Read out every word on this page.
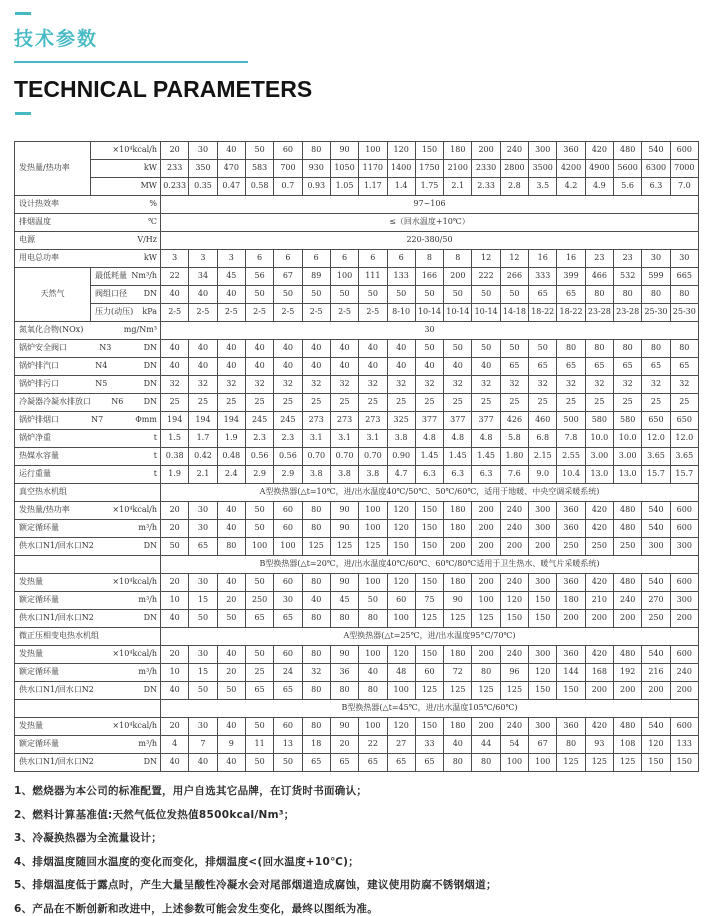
技术参数
TECHNICAL PARAMETERS
发热量/热功率	×10⁴kcal/h	20	30	40	50	60	80	90	100	120	150	180	200	240	300	360	420	480	540	600

	kW	233	350	470	583	700	930	1050	1170	1400	1750	2100	2330	2800	3500	4200	4900	5600	6300	7000

	MW	0.233	0.35	0.47	0.58	0.7	0.93	1.05	1.17	1.4	1.75	2.1	2.33	2.8	3.5	4.2	4.9	5.6	6.3	7.0

设计热效率 %		97~106																		

排烟温度 ℃		≤（回水温度+10℃）																		

电源 V/Hz		220-380/50																		

用电总功率 kW		3	3	3	6	6	6	6	6	6	8	8	12	12	16	16	23	23	30	30
天然气	最低耗量 Nm³/h	22	34	45	56	67	89	100	111	133	166	200	222	266	333	399	466	532	599	665

	阀组口径 DN	40	40	40	50	50	50	50	50	50	50	50	50	50	65	65	80	80	80	80

	压力(动压) kPa	2-5	2-5	2-5	2-5	2-5	2-5	2-5	2-5	8-10	10-14	10-14	10-14	14-18	18-22	18-22	23-28	23-28	25-30	25-30

氮氧化合物(NOx) mg/Nm³		30																		

锅炉安全阀口 N3 DN		40	40	40	40	40	40	40	40	40	50	50	50	50	50	80	80	80	80	80

锅炉排汽口 N4 DN		40	40	40	40	40	40	40	40	40	40	40	40	65	65	65	65	65	65	65

锅炉排污口 N5 DN		32	32	32	32	32	32	32	32	32	32	32	32	32	32	32	32	32	32	32

冷凝器冷凝水排放口 N6 DN		25	25	25	25	25	25	25	25	25	25	25	25	25	25	25	25	25	25	25

锅炉排烟口 N7 Φmm		194	194	194	245	245	273	273	273	325	377	377	377	426	460	500	580	580	650	650

锅炉净重 t		1.5	1.7	1.9	2.3	2.3	3.1	3.1	3.1	3.8	4.8	4.8	4.8	5.8	6.8	7.8	10.0	10.0	12.0	12.0

热媒水容量 t		0.38	0.42	0.48	0.56	0.56	0.70	0.70	0.70	0.90	1.45	1.45	1.45	1.80	2.15	2.55	3.00	3.00	3.65	3.65

运行重量 t		1.9	2.1	2.4	2.9	2.9	3.8	3.8	3.8	4.7	6.3	6.3	6.3	7.6	9.0	10.4	13.0	13.0	15.7	15.7
真空热水机组		A型换热器(△t=10℃，进/出水温度40℃/50℃、50℃/60℃，适用于地暖、中央空调采暖系统)																		

发热量/热功率 ×10⁴kcal/h		20	30	40	50	60	80	90	100	120	150	180	200	240	300	360	420	480	540	600

额定循环量 m³/h		20	30	40	50	60	80	90	100	120	150	180	200	240	300	360	420	480	540	600

供水口N1/回水口N2 DN		50	65	80	100	100	125	125	125	150	150	200	200	200	200	250	250	250	300	300
		B型换热器(△t=20℃，进/出水温度40℃/60℃、60℃/80℃适用于卫生热水、暖气片采暖系统)																		

发热量 ×10⁴kcal/h		20	30	40	50	60	80	90	100	120	150	180	200	240	300	360	420	480	540	600

额定循环量 m³/h		10	15	20	250	30	40	45	50	60	75	90	100	120	150	180	210	240	270	300

供水口N1/回水口N2 DN		40	50	50	65	65	80	80	80	100	125	125	125	150	150	200	200	200	250	200
微正压相变电热水机组		A型换热器(△t=25℃，进/出水温度95°C/70℃)																		

发热量 ×10⁴kcal/h		20	30	40	50	60	80	90	100	120	150	180	200	240	300	360	420	480	540	600

额定循环量 m³/h		10	15	20	25	24	32	36	40	48	60	72	80	96	120	144	168	192	216	240

供水口N1/回水口N2 DN		40	50	50	65	65	80	80	80	100	125	125	125	125	150	150	200	200	200	200
		B型换热器(△t=45℃，进/出水温度105℃/60℃)																		

发热量 ×10⁴kcal/h		20	30	40	50	60	80	90	100	120	150	180	200	240	300	360	420	480	540	600

额定循环量 m³/h		4	7	9	11	13	18	20	22	27	33	40	44	54	67	80	93	108	120	133

供水口N1/回水口N2 DN		40	40	40	50	50	65	65	65	65	65	80	80	100	100	125	125	125	150	150
1、燃烧器为本公司的标准配置，用户自选其它品牌，在订货时书面确认；
2、燃料计算基准值:天然气低位发热值8500kcal/Nm³；
3、冷凝换热器为全流量设计；
4、排烟温度随回水温度的变化而变化，排烟温度<(回水温度+10℃)；
5、排烟温度低于露点时，产生大量呈酸性冷凝水会对尾部烟道造成腐蚀，建议使用防腐不锈钢烟道；
6、产品在不断创新和改进中，上述参数可能会发生变化，最终以图纸为准。
